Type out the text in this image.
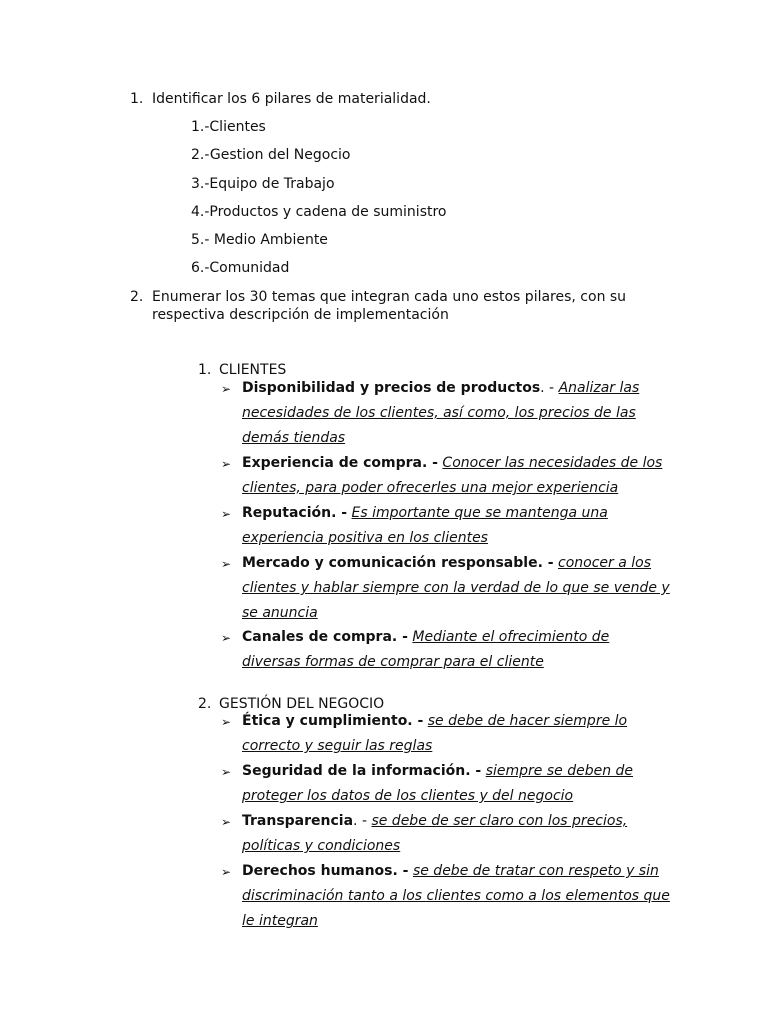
1. Identificar los 6 pilares de materialidad.
1.-Clientes
2.-Gestion del Negocio
3.-Equipo de Trabajo
4.-Productos y cadena de suministro
5.- Medio Ambiente
6.-Comunidad
2. Enumerar los 30 temas que integran cada uno estos pilares, con su respectiva descripción de implementación
1. CLIENTES
➢ Disponibilidad y precios de productos. - Analizar las necesidades de los clientes, así como, los precios de las demás tiendas
➢ Experiencia de compra. - Conocer las necesidades de los clientes, para poder ofrecerles una mejor experiencia
➢ Reputación. - Es importante que se mantenga una experiencia positiva en los clientes
➢ Mercado y comunicación responsable. - conocer a los clientes y hablar siempre con la verdad de lo que se vende y se anuncia
➢ Canales de compra. - Mediante el ofrecimiento de diversas formas de comprar para el cliente
2. GESTIÓN DEL NEGOCIO
➢ Ética y cumplimiento. - se debe de hacer siempre lo correcto y seguir las reglas
➢ Seguridad de la información. - siempre se deben de proteger los datos de los clientes y del negocio
➢ Transparencia. - se debe de ser claro con los precios, políticas y condiciones
➢ Derechos humanos. - se debe de tratar con respeto y sin discriminación tanto a los clientes como a los elementos que le integran
